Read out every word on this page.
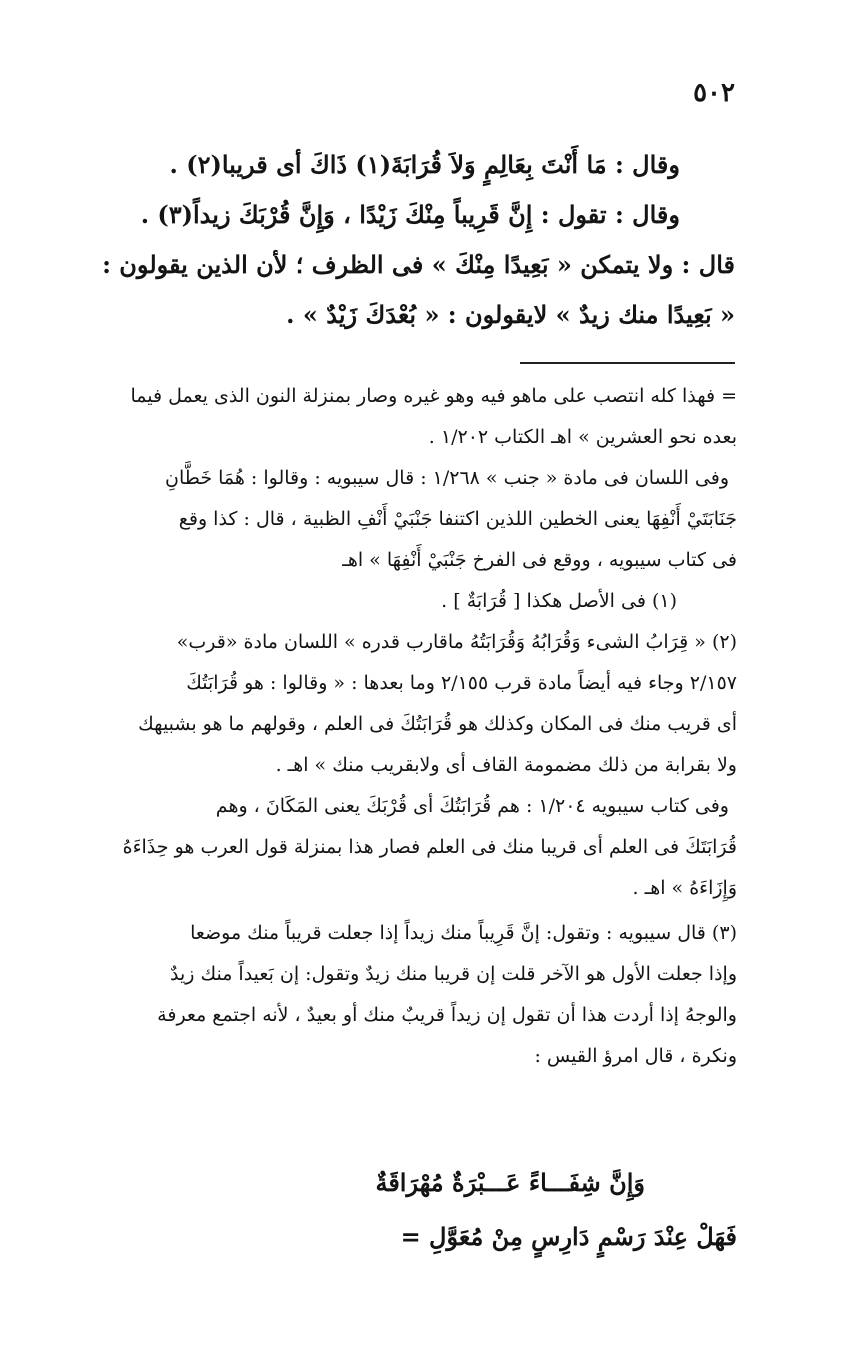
٥٠٢
وقال : مَا أَنْتَ بِعَالِمٍ وَلاَ قُرَابَةَ(١) ذَاكَ أى قريبا(٢) .
وقال : تقول : إِنَّ قَرِيباً مِنْكَ زَيْدًا ، وَإِنَّ قُرْبَكَ زيداً(٣) .
قال : ولا يتمكن « بَعِيدًا مِنْكَ » فى الظرف ؛ لأن الذين يقولون :
« بَعِيدًا منك زيدٌ » لايقولون : « بُعْدَكَ زَيْدٌ » .
= فهذا كله انتصب على ماهو فيه وهو غيره وصار بمنزلة النون الذى يعمل فيما
بعده نحو العشرين » اهـ الكتاب ١/٢٠٢ .
وفى اللسان فى مادة « جنب » ١/٢٦٨ : قال سيبويه : وقالوا : هُمَا خَطَّانِ
جَنَابَتَيْ أَنْفِهَا يعنى الخطين اللذين اكتنفا جَنْبَيْ أَنْفِ الظبية ، قال : كذا وقع
فى كتاب سيبويه ، ووقع فى الفرخ جَنْبَيْ أَنْفِهَا » اهـ
(١) فى الأصل هكذا [ قُرَابَةٌ ] .
(٢) « قِرَابُ الشىء وَقُرَابُهُ وَقُرَابَتُهُ ماقارب قدره » اللسان مادة «قرب»
٢/١٥٧ وجاء فيه أيضاً مادة قرب ٢/١٥٥ وما بعدها : « وقالوا : هو قُرَابَتُكَ
أى قريب منك فى المكان وكذلك هو قُرَابَتُكَ فى العلم ، وقولهم ما هو بشبيهك
ولا بقرابة من ذلك مضمومة القاف أى ولابقريب منك » اهـ .
وفى كتاب سيبويه ١/٢٠٤ : هم قُرَابَتُكَ أى قُرْبَكَ يعنى المَكَانَ ، وهم
قُرَابَتَكَ فى العلم أى قريبا منك فى العلم فصار هذا بمنزلة قول العرب هو حِذَاءَهُ
وَإِزَاءَهُ » اهـ .
(٣) قال سيبويه : وتقول: إنَّ قَرِيباً منك زيداً إذا جعلت قريباً منك موضعا
وإذا جعلت الأول هو الآخر قلت إن قريبا منك زيدٌ وتقول: إن بَعيداً منك زيدٌ
والوجهُ إذا أردت هذا أن تقول إن زيداً قريبٌ منك أو بعيدٌ ، لأنه اجتمع معرفة
ونكرة ، قال امرؤ القيس :
وَإِنَّ شِفَـــاءً عَـــبْرَةٌ مُهْرَاقَةٌ
فَهَلْ عِنْدَ رَسْمٍ دَارِسٍ مِنْ مُعَوَّلِ =
